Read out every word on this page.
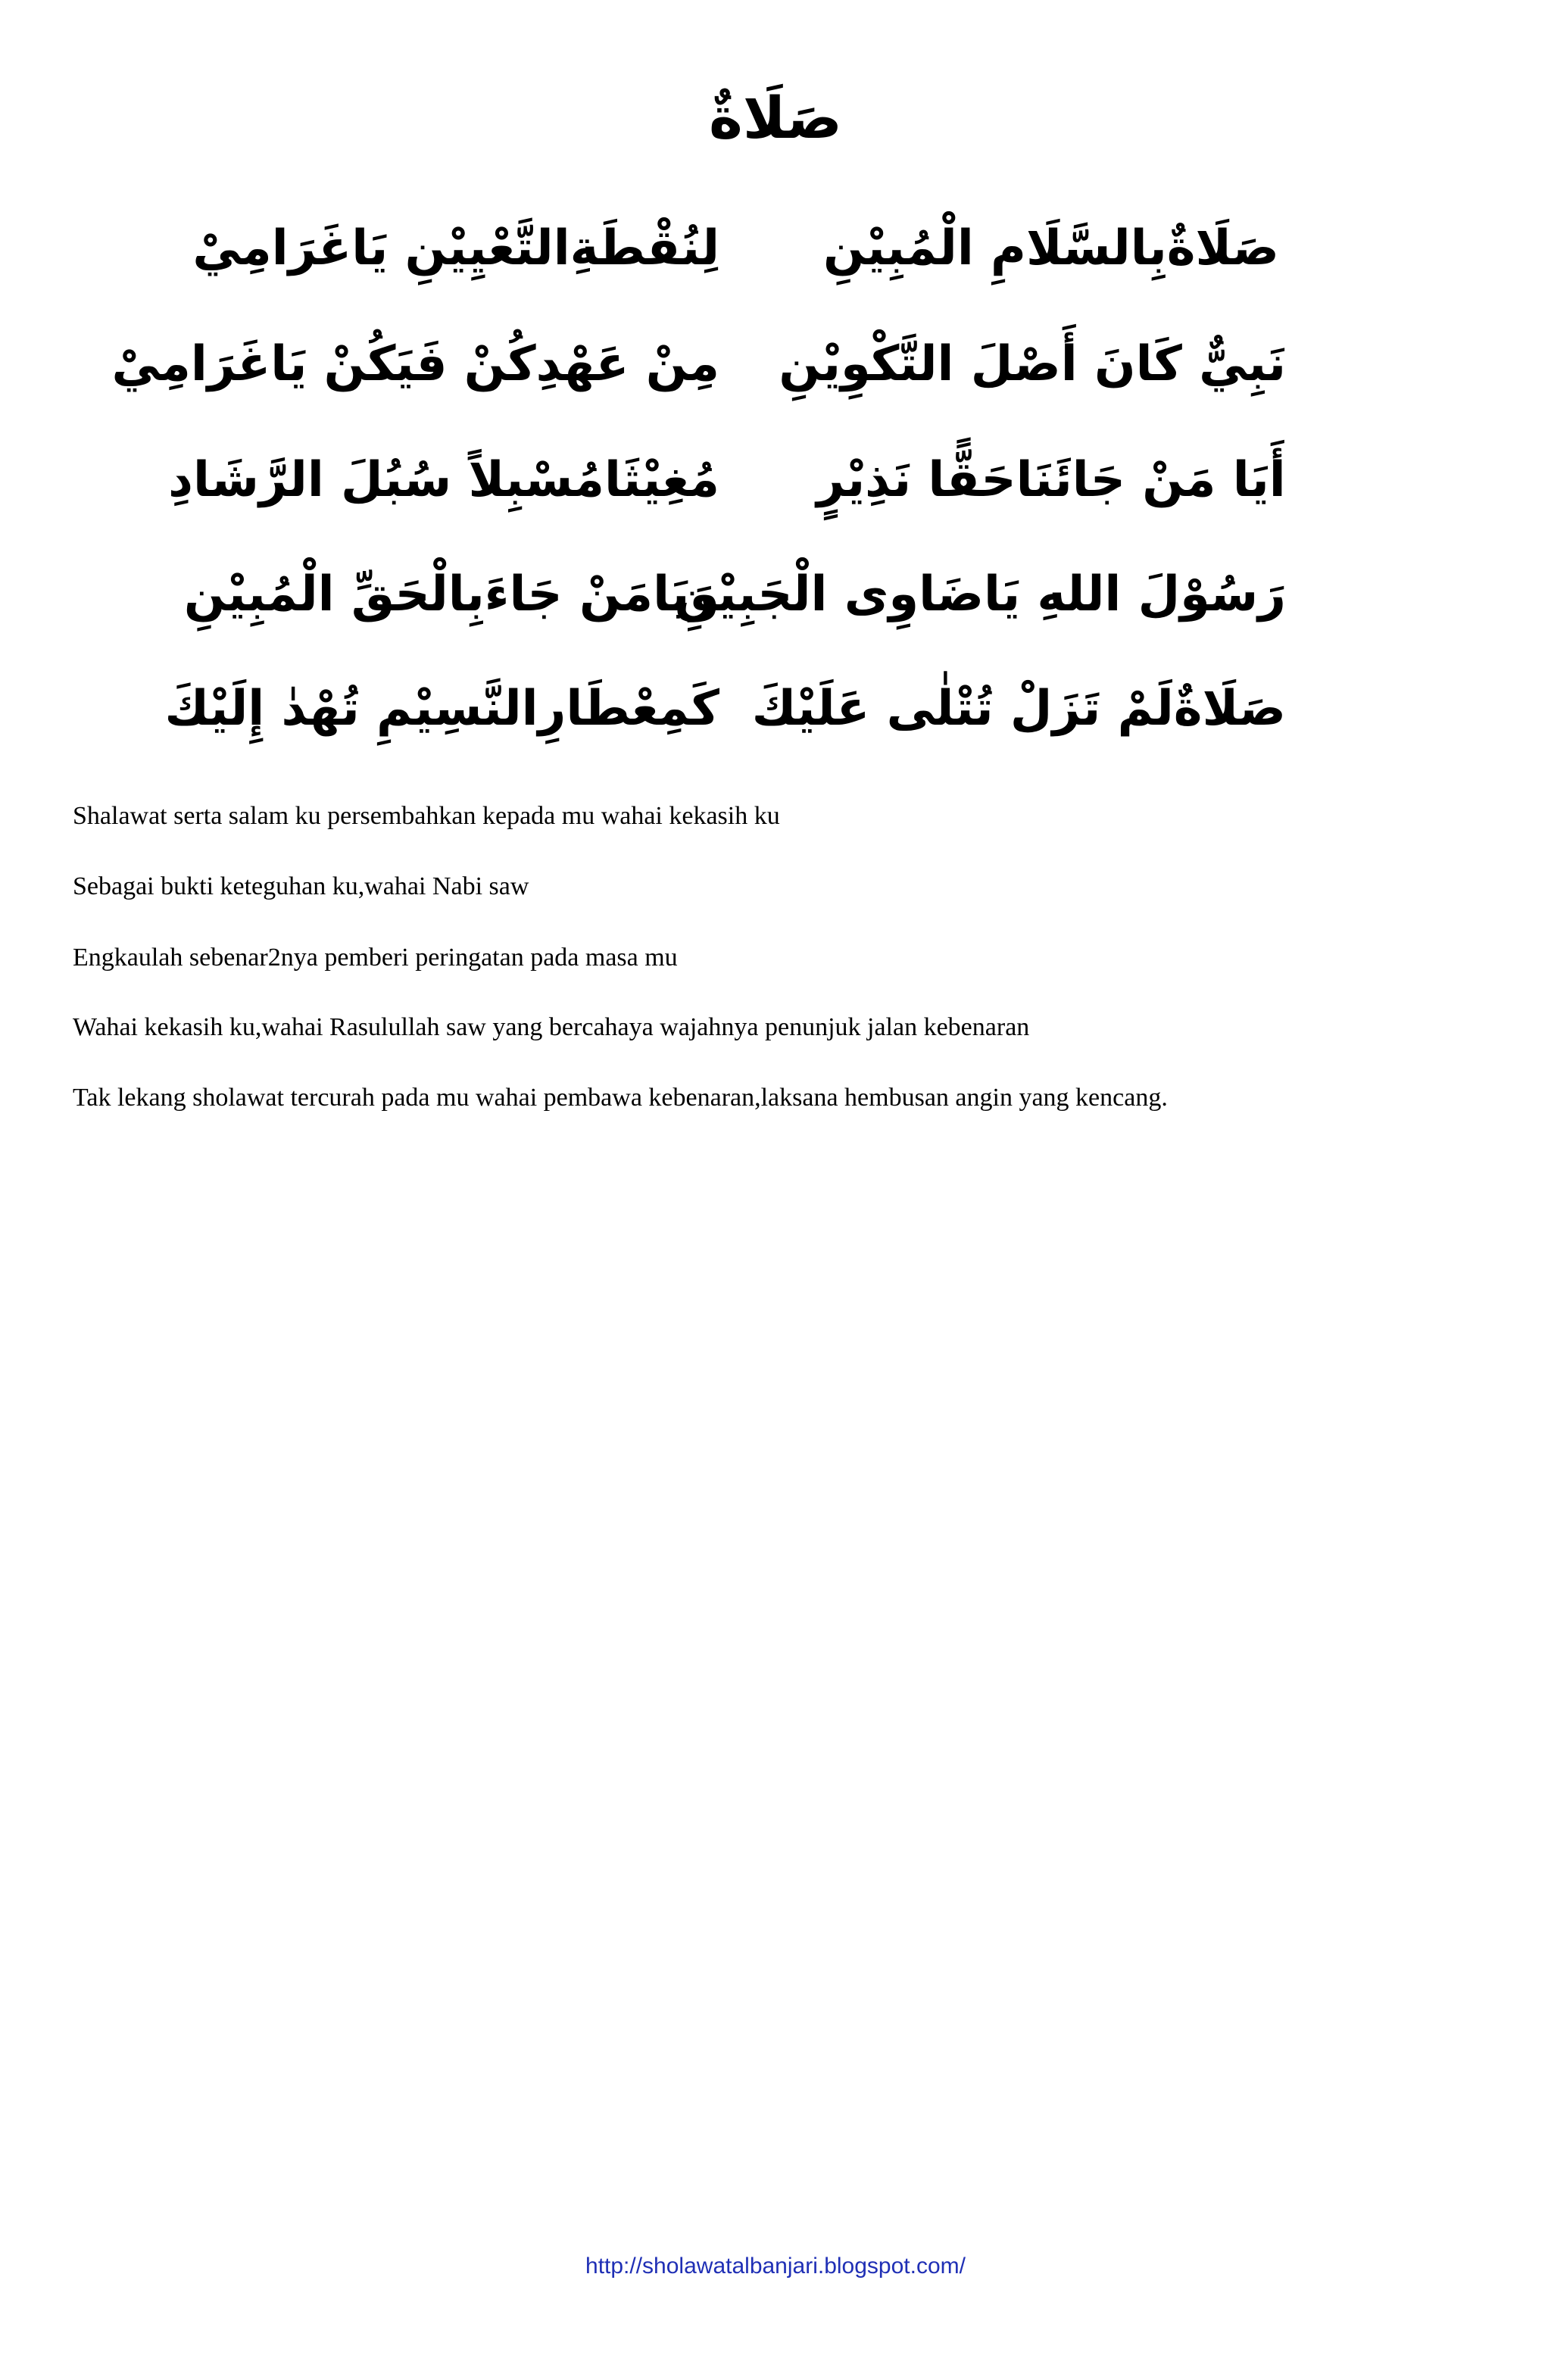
صَلَاةٌ
صَلَاةٌبِالسَّلَامِ الْمُبِيْنِ
لِنُقْطَةِالتَّعْيِيْنِ يَاغَرَامِيْ
نَبِيٌّ كَانَ أَصْلَ التَّكْوِيْنِ
مِنْ عَهْدِكُنْ فَيَكُنْ يَاغَرَامِيْ
أَيَا مَنْ جَائَنَاحَقًّا نَذِيْرٍ
مُغِيْثَامُسْبِلاً سُبُلَ الرَّشَادِ
رَسُوْلَ اللهِ يَاضَاوِى الْجَبِيْنِ
وَيَامَنْ جَاءَبِالْحَقِّ الْمُبِيْنِ
صَلَاةٌلَمْ تَزَلْ تُتْلٰى عَلَيْكَ
كَمِعْطَارِالنَّسِيْمِ تُهْدٰ إِلَيْكَ
Shalawat serta salam ku persembahkan kepada mu wahai kekasih ku
Sebagai bukti keteguhan ku,wahai Nabi saw
Engkaulah sebenar2nya pemberi peringatan pada masa mu
Wahai kekasih ku,wahai Rasulullah saw yang bercahaya wajahnya penunjuk jalan kebenaran
Tak lekang sholawat tercurah pada mu wahai pembawa kebenaran,laksana hembusan angin yang kencang.
http://sholawatalbanjari.blogspot.com/
